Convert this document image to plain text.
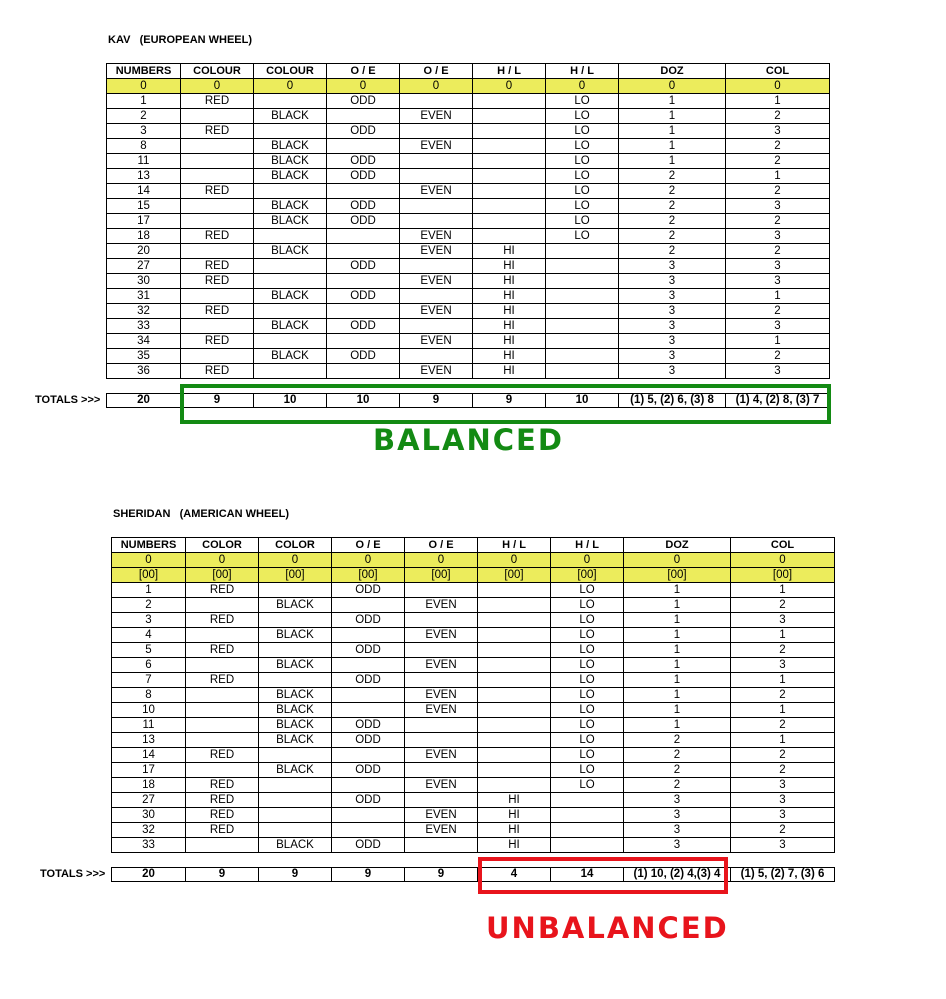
KAV   (EUROPEAN WHEEL)
NUMBERS	COLOUR	COLOUR	O / E	O / E	H / L	H / L	DOZ	COL
0	0	0	0	0	0	0	0	0
1	RED		ODD			LO	1	1
2		BLACK		EVEN		LO	1	2
3	RED		ODD			LO	1	3
8		BLACK		EVEN		LO	1	2
11		BLACK	ODD			LO	1	2
13		BLACK	ODD			LO	2	1
14	RED			EVEN		LO	2	2
15		BLACK	ODD			LO	2	3
17		BLACK	ODD			LO	2	2
18	RED			EVEN		LO	2	3
20		BLACK		EVEN	HI		2	2
27	RED		ODD		HI		3	3
30	RED			EVEN	HI		3	3
31		BLACK	ODD		HI		3	1
32	RED			EVEN	HI		3	2
33		BLACK	ODD		HI		3	3
34	RED			EVEN	HI		3	1
35		BLACK	ODD		HI		3	2
36	RED			EVEN	HI		3	3
TOTALS >>>	20	9	10	10	9	9	10	(1) 5, (2) 6, (3) 8	(1) 4, (2) 8, (3) 7
BALANCED
SHERIDAN   (AMERICAN WHEEL)
NUMBERS	COLOR	COLOR	O / E	O / E	H / L	H / L	DOZ	COL
0	0	0	0	0	0	0	0	0
[00]	[00]	[00]	[00]	[00]	[00]	[00]	[00]	[00]
1	RED		ODD			LO	1	1
2		BLACK		EVEN		LO	1	2
3	RED		ODD			LO	1	3
4		BLACK		EVEN		LO	1	1
5	RED		ODD			LO	1	2
6		BLACK		EVEN		LO	1	3
7	RED		ODD			LO	1	1
8		BLACK		EVEN		LO	1	2
10		BLACK		EVEN		LO	1	1
11		BLACK	ODD			LO	1	2
13		BLACK	ODD			LO	2	1
14	RED			EVEN		LO	2	2
17		BLACK	ODD			LO	2	2
18	RED			EVEN		LO	2	3
27	RED		ODD		HI		3	3
30	RED			EVEN	HI		3	3
32	RED			EVEN	HI		3	2
33		BLACK	ODD		HI		3	3
TOTALS >>>	20	9	9	9	9	4	14	(1) 10, (2) 4,(3) 4	(1) 5, (2) 7, (3) 6
UNBALANCED
